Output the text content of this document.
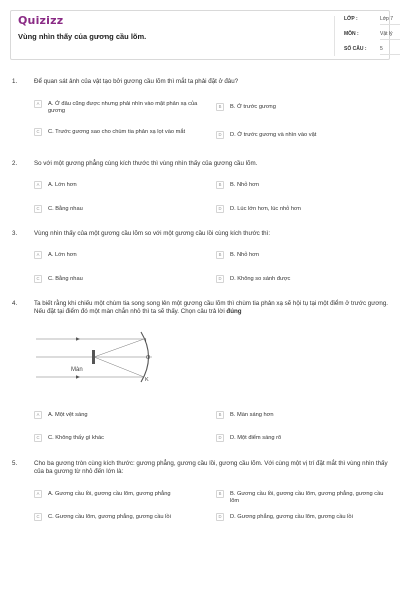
Quizizz
Vùng nhìn thấy của gương cầu lõm.
LỚP :	Lớp 7
MÔN :	Vật lý
SỐ CÂU :	5
1.	Để quan sát ảnh của vật tạo bởi gương cầu lõm thì mắt ta phải đặt ở đâu?
A	A. Ở đâu cũng được nhưng phải nhìn vào mặt phản xạ của gương
B	B. Ở trước gương
C	C. Trước gương sao cho chùm tia phản xạ lọt vào mắt	D	D. Ở trước gương và nhìn vào vật
2.	So với một gương phẳng cùng kích thước thì vùng nhìn thấy của gương cầu lõm.
A	A. Lớn hơn	B	B. Nhỏ hơn
C	C. Bằng nhau	D	D. Lúc lớn hơn, lúc nhỏ hơn
3.	Vùng nhìn thấy của một gương cầu lõm so với một gương cầu lồi cùng kích thước thì:
A	A. Lớn hơn	B	B. Nhỏ hơn
C	C. Bằng nhau	D	D. Không so sánh được
4.	Ta biết rằng khi chiếu một chùm tia song song lên một gương cầu lõm thì chùm tia phản xạ sẽ hội tụ tại một điểm ở trước gương. Nếu đặt tại điểm đó một màn chắn nhỏ thì ta sẽ thấy. Chọn câu trả lời đúng
A	A. Một vệt sáng	B	B. Màn sáng hơn
C	C. Không thấy gì khác	D	D. Một điểm sáng rõ
Màn
I
O
K
5.	Cho ba gương tròn cùng kích thước: gương phẳng, gương cầu lồi, gương cầu lõm. Với cùng một vị trí đặt mắt thì vùng nhìn thấy của ba gương từ nhỏ đến lớn là:
A	A. Gương cầu lồi, gương cầu lõm, gương phẳng	B	B. Gương cầu lồi, gương cầu lõm, gương phẳng, gương cầu lõm
C	C. Gương cầu lõm, gương phẳng, gương cầu lồi	D	D. Gương phẳng, gương cầu lõm, gương cầu lồi
